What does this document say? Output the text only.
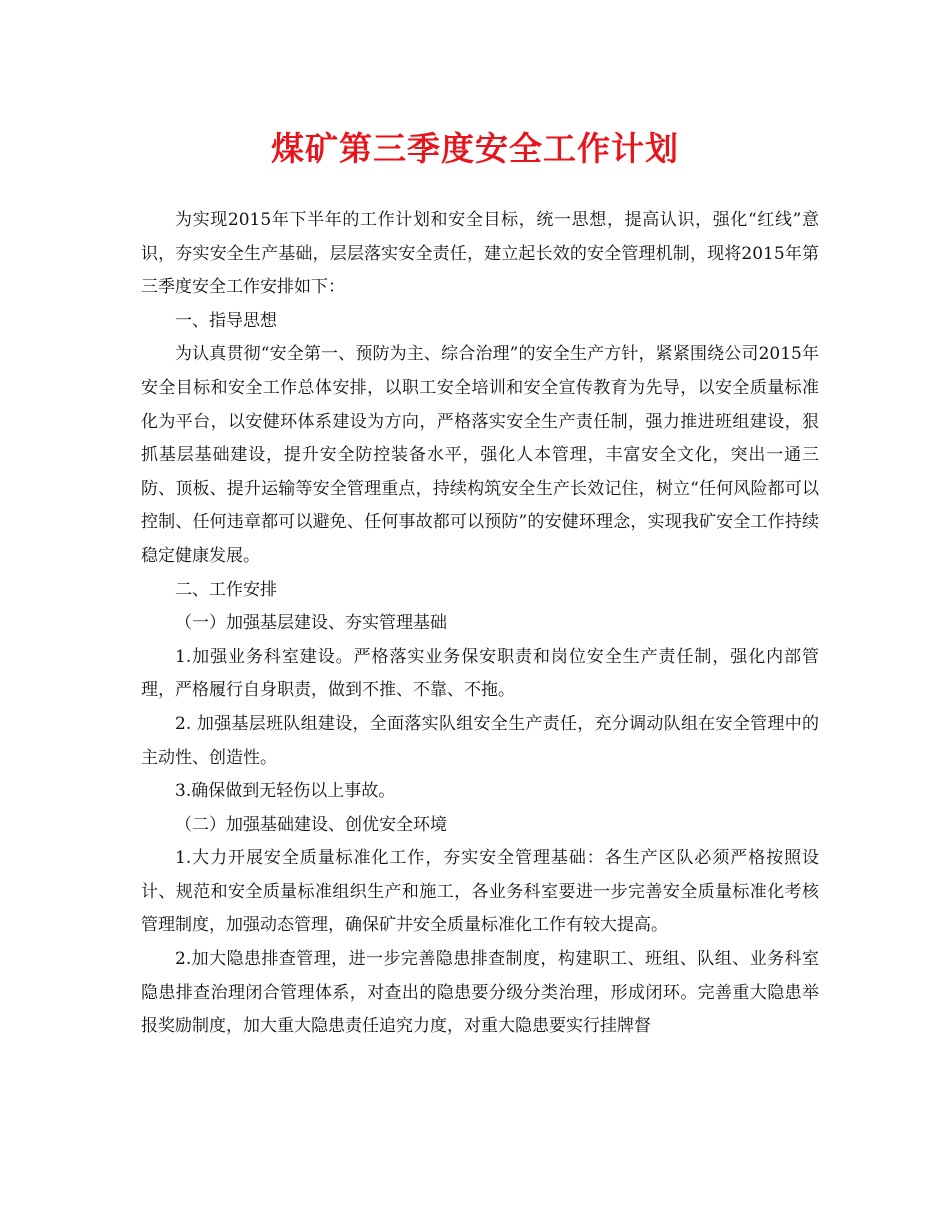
煤矿第三季度安全工作计划

为实现2015年下半年的工作计划和安全目标，统一思想，提高认识，强化“红线”意识，夯实安全生产基础，层层落实安全责任，建立起长效的安全管理机制，现将2015年第三季度安全工作安排如下：

一、指导思想

为认真贯彻“安全第一、预防为主、综合治理”的安全生产方针，紧紧围绕公司2015年安全目标和安全工作总体安排，以职工安全培训和安全宣传教育为先导，以安全质量标准化为平台，以安健环体系建设为方向，严格落实安全生产责任制，强力推进班组建设，狠抓基层基础建设，提升安全防控装备水平，强化人本管理，丰富安全文化，突出一通三防、顶板、提升运输等安全管理重点，持续构筑安全生产长效记住，树立“任何风险都可以控制、任何违章都可以避免、任何事故都可以预防”的安健环理念，实现我矿安全工作持续稳定健康发展。

二、工作安排

（一）加强基层建设、夯实管理基础

1.加强业务科室建设。严格落实业务保安职责和岗位安全生产责任制，强化内部管理，严格履行自身职责，做到不推、不靠、不拖。

2. 加强基层班队组建设，全面落实队组安全生产责任，充分调动队组在安全管理中的主动性、创造性。

3.确保做到无轻伤以上事故。

（二）加强基础建设、创优安全环境

1.大力开展安全质量标准化工作，夯实安全管理基础：各生产区队必须严格按照设计、规范和安全质量标准组织生产和施工，各业务科室要进一步完善安全质量标准化考核管理制度，加强动态管理，确保矿井安全质量标准化工作有较大提高。

2.加大隐患排查管理，进一步完善隐患排查制度，构建职工、班组、队组、业务科室隐患排查治理闭合管理体系，对查出的隐患要分级分类治理，形成闭环。完善重大隐患举报奖励制度，加大重大隐患责任追究力度，对重大隐患要实行挂牌督
